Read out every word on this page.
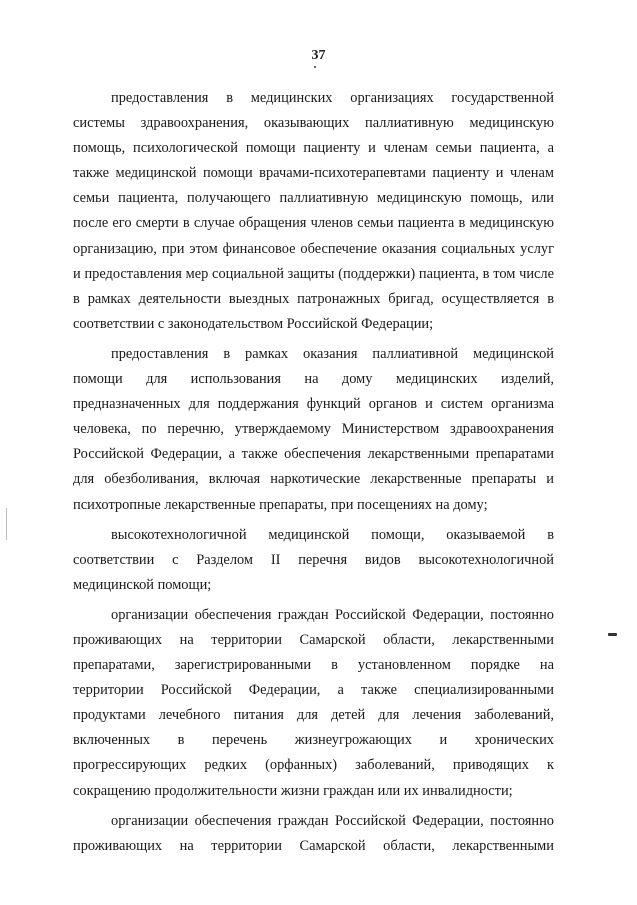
37
предоставления в медицинских организациях государственной
системы здравоохранения, оказывающих паллиативную медицинскую
помощь, психологической помощи пациенту и членам семьи пациента, а
также медицинской помощи врачами-психотерапевтами пациенту и членам
семьи пациента, получающего паллиативную медицинскую помощь, или
после его смерти в случае обращения членов семьи пациента в медицинскую
организацию, при этом финансовое обеспечение оказания социальных услуг
и предоставления мер социальной защиты (поддержки) пациента, в том числе
в рамках деятельности выездных патронажных бригад, осуществляется в
соответствии с законодательством Российской Федерации;
предоставления в рамках оказания паллиативной медицинской
помощи для использования на дому медицинских изделий,
предназначенных для поддержания функций органов и систем организма
человека, по перечню, утверждаемому Министерством здравоохранения
Российской Федерации, а также обеспечения лекарственными препаратами
для обезболивания, включая наркотические лекарственные препараты и
психотропные лекарственные препараты, при посещениях на дому;
высокотехнологичной медицинской помощи, оказываемой в
соответствии с Разделом II перечня видов высокотехнологичной
медицинской помощи;
организации обеспечения граждан Российской Федерации, постоянно
проживающих на территории Самарской области, лекарственными
препаратами, зарегистрированными в установленном порядке на
территории Российской Федерации, а также специализированными
продуктами лечебного питания для детей для лечения заболеваний,
включенных в перечень жизнеугрожающих и хронических
прогрессирующих редких (орфанных) заболеваний, приводящих к
сокращению продолжительности жизни граждан или их инвалидности;
организации обеспечения граждан Российской Федерации, постоянно
проживающих на территории Самарской области, лекарственными
